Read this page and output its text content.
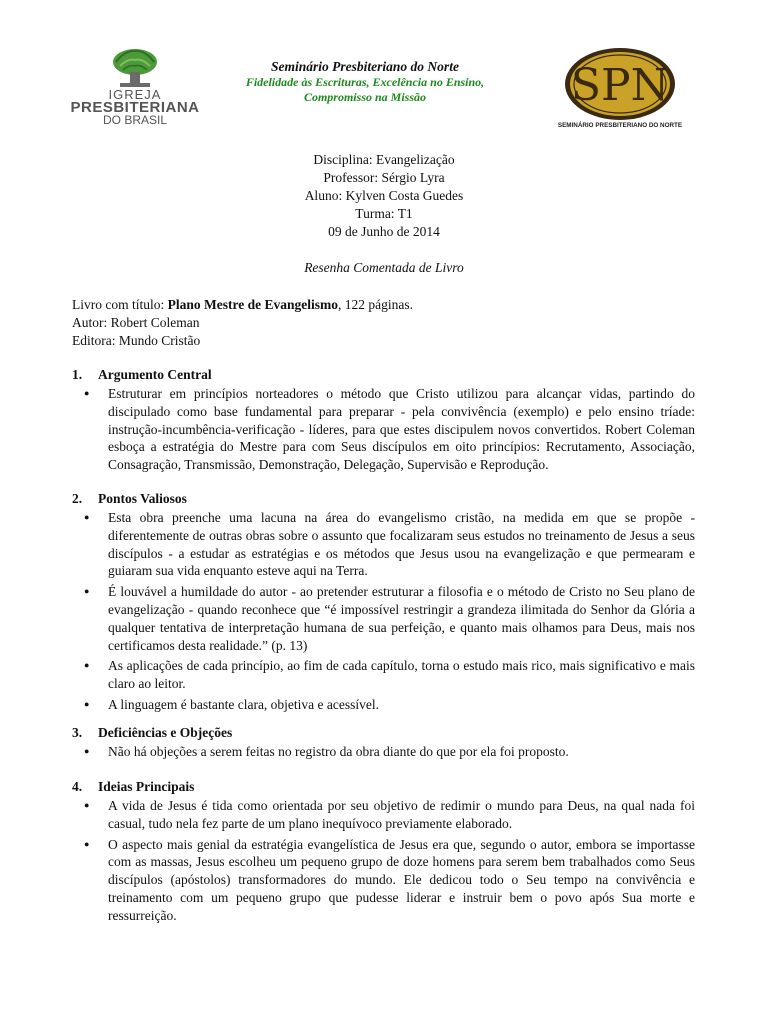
IGREJA
PRESBITERIANA
DO BRASIL
Seminário Presbiteriano do Norte
Fidelidade às Escrituras, Excelência no Ensino,
Compromisso na Missão	SPN
SEMINÁRIO PRESBITERIANO DO NORTE
Disciplina: Evangelização
Professor: Sérgio Lyra
Aluno: Kylven Costa Guedes
Turma: T1
09 de Junho de 2014
Resenha Comentada de Livro
Livro com título: Plano Mestre de Evangelismo, 122 páginas.
Autor: Robert Coleman
Editora: Mundo Cristão
1. Argumento Central
● Estruturar em princípios norteadores o método que Cristo utilizou para alcançar vidas, partindo do discipulado como base fundamental para preparar - pela convivência (exemplo) e pelo ensino tríade: instrução-incumbência-verificação - líderes, para que estes discipulem novos convertidos. Robert Coleman esboça a estratégia do Mestre para com Seus discípulos em oito princípios: Recrutamento, Associação, Consagração, Transmissão, Demonstração, Delegação, Supervisão e Reprodução.
2. Pontos Valiosos
● Esta obra preenche uma lacuna na área do evangelismo cristão, na medida em que se propõe - diferentemente de outras obras sobre o assunto que focalizaram seus estudos no treinamento de Jesus a seus discípulos - a estudar as estratégias e os métodos que Jesus usou na evangelização e que permearam e guiaram sua vida enquanto esteve aqui na Terra.
● É louvável a humildade do autor - ao pretender estruturar a filosofia e o método de Cristo no Seu plano de evangelização - quando reconhece que “é impossível restringir a grandeza ilimitada do Senhor da Glória a qualquer tentativa de interpretação humana de sua perfeição, e quanto mais olhamos para Deus, mais nos certificamos desta realidade.” (p. 13)
● As aplicações de cada princípio, ao fim de cada capítulo, torna o estudo mais rico, mais significativo e mais claro ao leitor.
● A linguagem é bastante clara, objetiva e acessível.
3. Deficiências e Objeções
● Não há objeções a serem feitas no registro da obra diante do que por ela foi proposto.
4. Ideias Principais
● A vida de Jesus é tida como orientada por seu objetivo de redimir o mundo para Deus, na qual nada foi casual, tudo nela fez parte de um plano inequívoco previamente elaborado.
● O aspecto mais genial da estratégia evangelística de Jesus era que, segundo o autor, embora se importasse com as massas, Jesus escolheu um pequeno grupo de doze homens para serem bem trabalhados como Seus discípulos (apóstolos) transformadores do mundo. Ele dedicou todo o Seu tempo na convivência e treinamento com um pequeno grupo que pudesse liderar e instruir bem o povo após Sua morte e ressurreição.
